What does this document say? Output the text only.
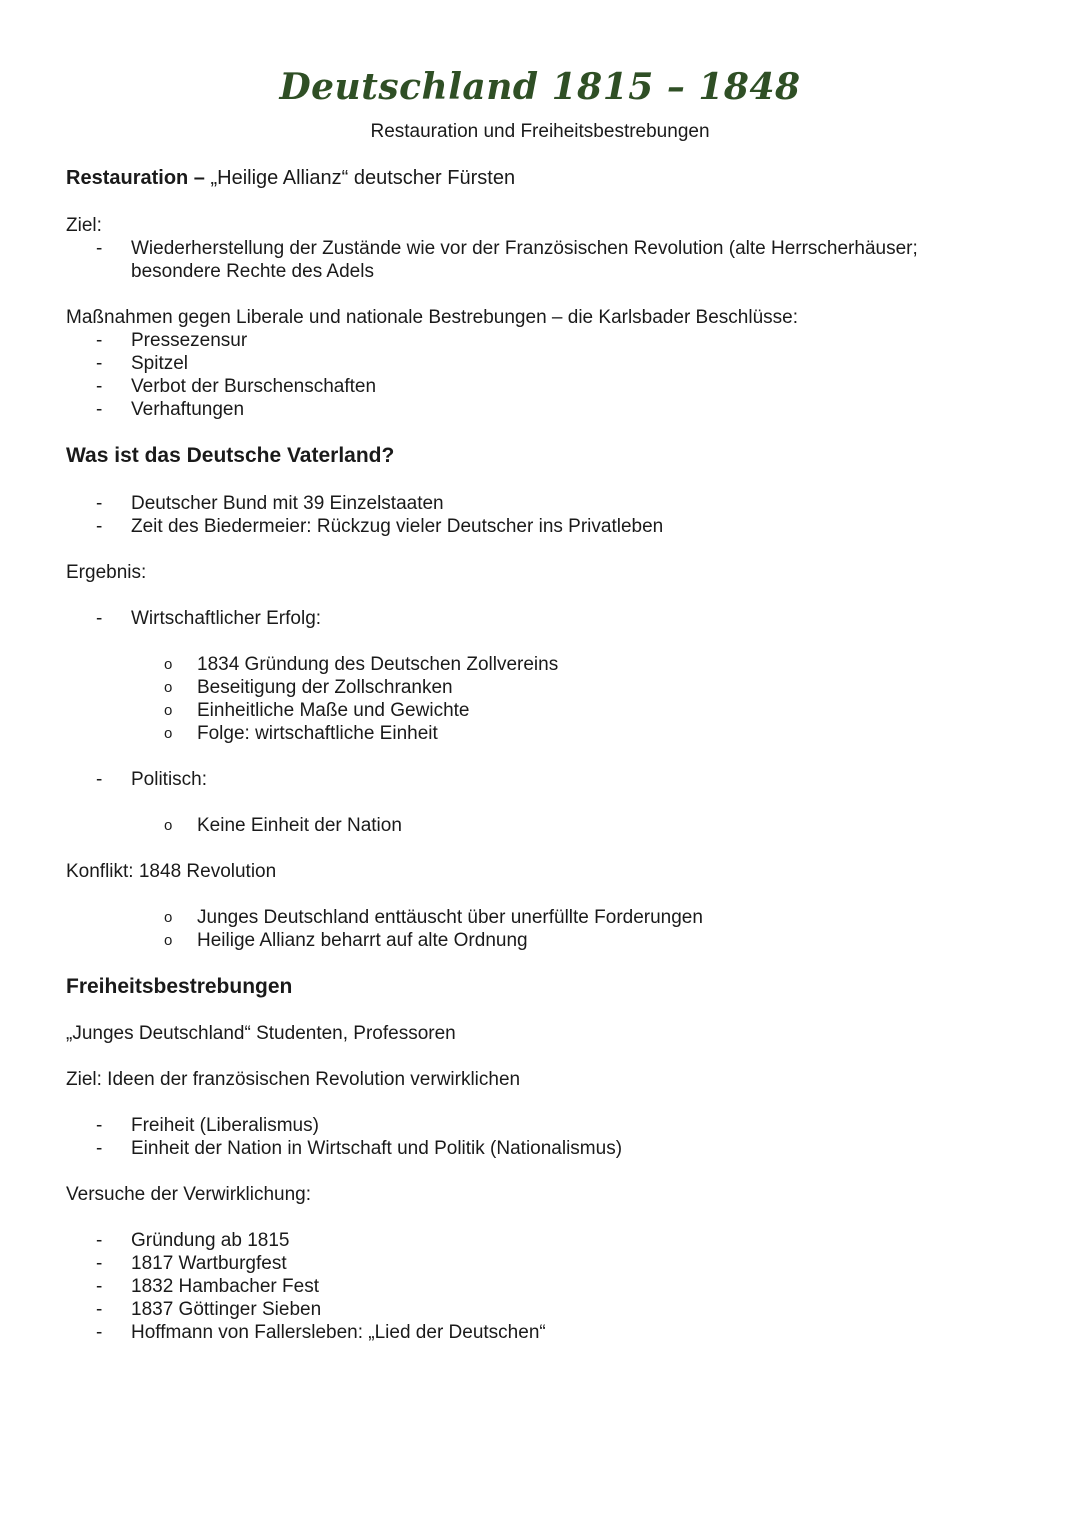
Deutschland 1815 – 1848
Restauration und Freiheitsbestrebungen
Restauration – „Heilige Allianz“ deutscher Fürsten
Ziel:
- Wiederherstellung der Zustände wie vor der Französischen Revolution (alte Herrscherhäuser;
besondere Rechte des Adels
Maßnahmen gegen Liberale und nationale Bestrebungen – die Karlsbader Beschlüsse:
- Pressezensur
- Spitzel
- Verbot der Burschenschaften
- Verhaftungen
Was ist das Deutsche Vaterland?
- Deutscher Bund mit 39 Einzelstaaten
- Zeit des Biedermeier: Rückzug vieler Deutscher ins Privatleben
Ergebnis:
- Wirtschaftlicher Erfolg:
o 1834 Gründung des Deutschen Zollvereins
o Beseitigung der Zollschranken
o Einheitliche Maße und Gewichte
o Folge: wirtschaftliche Einheit
- Politisch:
o Keine Einheit der Nation
Konflikt: 1848 Revolution
o Junges Deutschland enttäuscht über unerfüllte Forderungen
o Heilige Allianz beharrt auf alte Ordnung
Freiheitsbestrebungen
„Junges Deutschland“ Studenten, Professoren
Ziel: Ideen der französischen Revolution verwirklichen
- Freiheit (Liberalismus)
- Einheit der Nation in Wirtschaft und Politik (Nationalismus)
Versuche der Verwirklichung:
- Gründung ab 1815
- 1817 Wartburgfest
- 1832 Hambacher Fest
- 1837 Göttinger Sieben
- Hoffmann von Fallersleben: „Lied der Deutschen“
